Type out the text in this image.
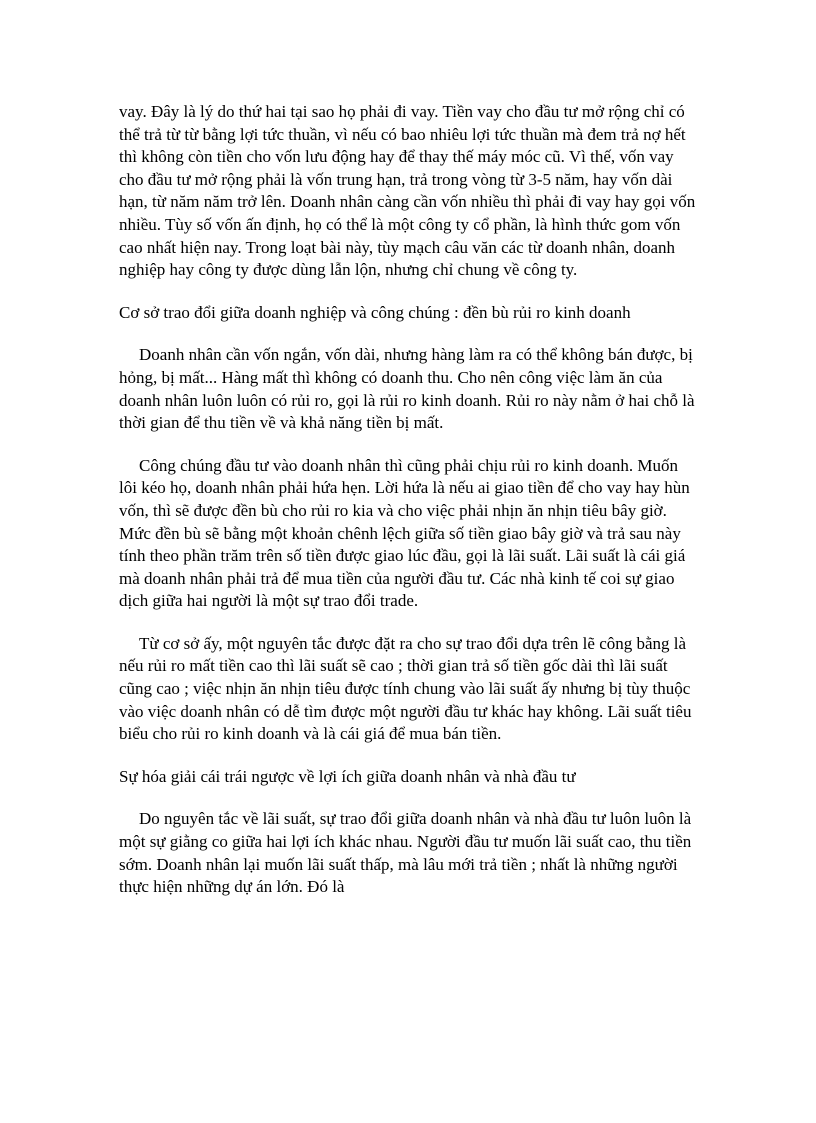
vay. Đây là lý do thứ hai tại sao họ phải đi vay. Tiền vay cho đầu tư mở rộng chỉ có thể trả từ từ bằng lợi tức thuần, vì nếu có bao nhiêu lợi tức thuần mà đem trả nợ hết thì không còn tiền cho vốn lưu động hay để thay thế máy móc cũ. Vì thế, vốn vay cho đầu tư mở rộng phải là vốn trung hạn, trả trong vòng từ 3-5 năm, hay vốn dài hạn, từ năm năm trở lên. Doanh nhân càng cần vốn nhiều thì phải đi vay hay gọi vốn nhiều. Tùy số vốn ấn định, họ có thể là một công ty cổ phần, là hình thức gom vốn cao nhất hiện nay. Trong loạt bài này, tùy mạch câu văn các từ doanh nhân, doanh nghiệp hay công ty được dùng lẫn lộn, nhưng chỉ chung về công ty.

Cơ sở trao đổi giữa doanh nghiệp và công chúng : đền bù rủi ro kinh doanh

Doanh nhân cần vốn ngắn, vốn dài, nhưng hàng làm ra có thể không bán được, bị hỏng, bị mất... Hàng mất thì không có doanh thu. Cho nên công việc làm ăn của doanh nhân luôn luôn có rủi ro, gọi là rủi ro kinh doanh. Rủi ro này nằm ở hai chỗ là thời gian để thu tiền về và khả năng tiền bị mất.

Công chúng đầu tư vào doanh nhân thì cũng phải chịu rủi ro kinh doanh. Muốn lôi kéo họ, doanh nhân phải hứa hẹn. Lời hứa là nếu ai giao tiền để cho vay hay hùn vốn, thì sẽ được đền bù cho rủi ro kia và cho việc phải nhịn ăn nhịn tiêu bây giờ. Mức đền bù sẽ bằng một khoản chênh lệch giữa số tiền giao bây giờ và trả sau này tính theo phần trăm trên số tiền được giao lúc đầu, gọi là lãi suất. Lãi suất là cái giá mà doanh nhân phải trả để mua tiền của người đầu tư. Các nhà kinh tế coi sự giao dịch giữa hai người là một sự trao đổi trade.

Từ cơ sở ấy, một nguyên tắc được đặt ra cho sự trao đổi dựa trên lẽ công bằng là nếu rủi ro mất tiền cao thì lãi suất sẽ cao ; thời gian trả số tiền gốc dài thì lãi suất cũng cao ; việc nhịn ăn nhịn tiêu được tính chung vào lãi suất ấy nhưng bị tùy thuộc vào việc doanh nhân có dễ tìm được một người đầu tư khác hay không. Lãi suất tiêu biểu cho rủi ro kinh doanh và là cái giá để mua bán tiền.

Sự hóa giải cái trái ngược về lợi ích giữa doanh nhân và nhà đầu tư

Do nguyên tắc về lãi suất, sự trao đổi giữa doanh nhân và nhà đầu tư luôn luôn là một sự giằng co giữa hai lợi ích khác nhau. Người đầu tư muốn lãi suất cao, thu tiền sớm. Doanh nhân lại muốn lãi suất thấp, mà lâu mới trả tiền ; nhất là những người thực hiện những dự án lớn. Đó là
